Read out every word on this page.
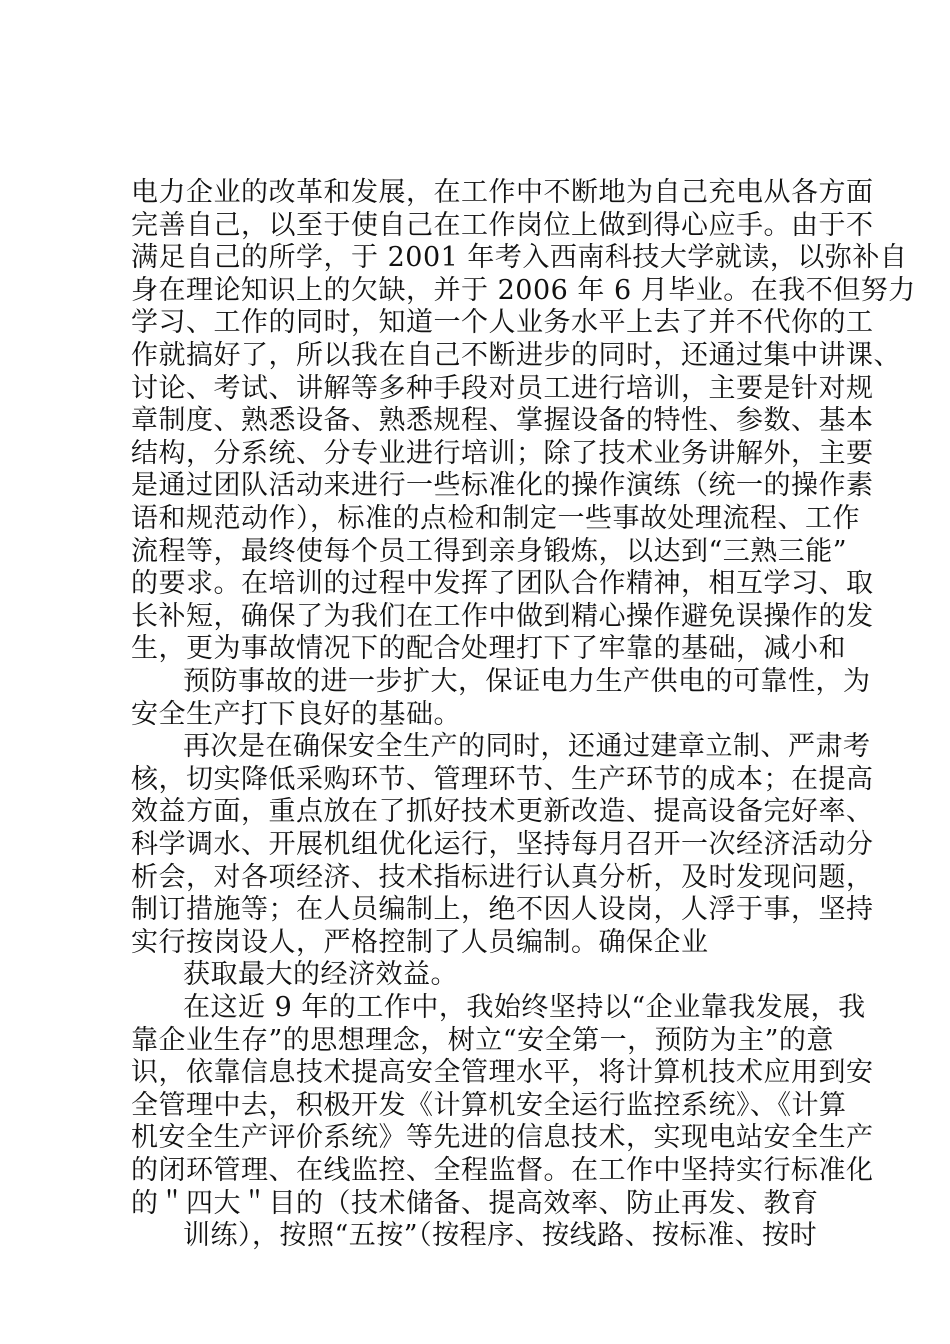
电力企业的改革和发展，在工作中不断地为自己充电从各方面
完善自己，以至于使自己在工作岗位上做到得心应手。由于不
满足自己的所学，于 2001 年考入西南科技大学就读，以弥补自
身在理论知识上的欠缺，并于 2006 年 6 月毕业。在我不但努力
学习、工作的同时，知道一个人业务水平上去了并不代你的工
作就搞好了，所以我在自己不断进步的同时，还通过集中讲课、
讨论、考试、讲解等多种手段对员工进行培训，主要是针对规
章制度、熟悉设备、熟悉规程、掌握设备的特性、参数、基本
结构，分系统、分专业进行培训；除了技术业务讲解外，主要
是通过团队活动来进行一些标准化的操作演练（统一的操作素
语和规范动作），标准的点检和制定一些事故处理流程、工作
流程等，最终使每个员工得到亲身锻炼，以达到“三熟三能”
的要求。在培训的过程中发挥了团队合作精神，相互学习、取
长补短，确保了为我们在工作中做到精心操作避免误操作的发
生，更为事故情况下的配合处理打下了牢靠的基础，减小和
预防事故的进一步扩大，保证电力生产供电的可靠性，为
安全生产打下良好的基础。
再次是在确保安全生产的同时，还通过建章立制、严肃考
核，切实降低采购环节、管理环节、生产环节的成本；在提高
效益方面，重点放在了抓好技术更新改造、提高设备完好率、
科学调水、开展机组优化运行，坚持每月召开一次经济活动分
析会，对各项经济、技术指标进行认真分析，及时发现问题，
制订措施等；在人员编制上，绝不因人设岗，人浮于事，坚持
实行按岗设人，严格控制了人员编制。确保企业
获取最大的经济效益。
在这近 9 年的工作中，我始终坚持以“企业靠我发展，我
靠企业生存”的思想理念，树立“安全第一，预防为主”的意
识，依靠信息技术提高安全管理水平，将计算机技术应用到安
全管理中去，积极开发《计算机安全运行监控系统》、《计算
机安全生产评价系统》等先进的信息技术，实现电站安全生产
的闭环管理、在线监控、全程监督。在工作中坚持实行标准化
的＂四大＂目的（技术储备、提高效率、防止再发、教育
训练），按照“五按”（按程序、按线路、按标准、按时
